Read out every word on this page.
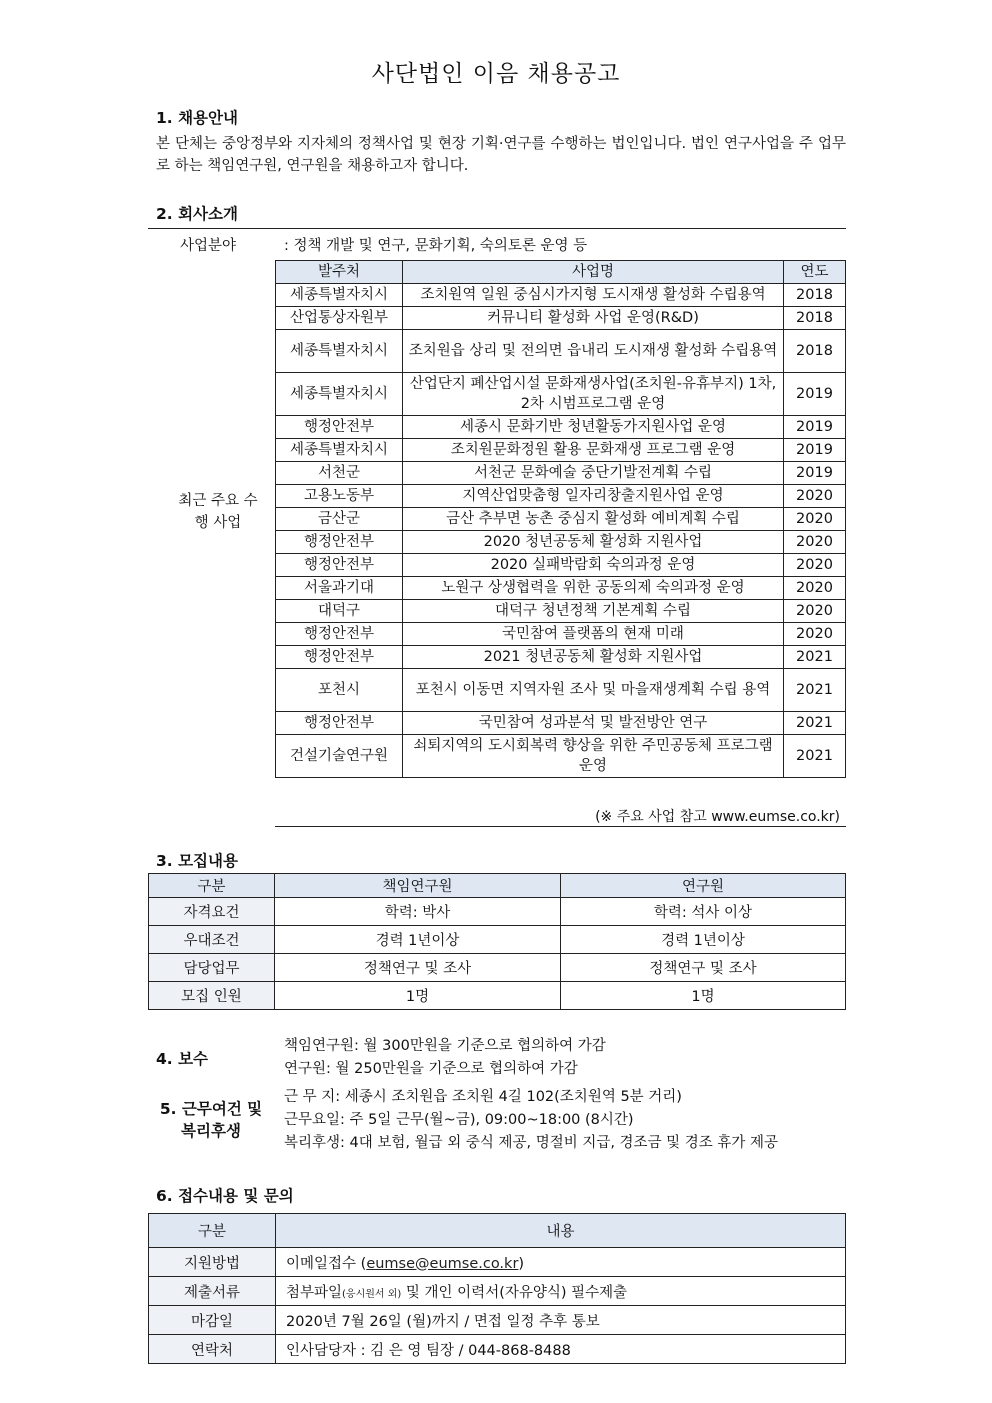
사단법인 이음 채용공고
1. 채용안내
본 단체는 중앙정부와 지자체의 정책사업 및 현장 기획·연구를 수행하는 법인입니다. 법인 연구사업을 주 업무로 하는 책임연구원, 연구원을 채용하고자 합니다.
2. 회사소개
사업분야	: 정책 개발 및 연구, 문화기획, 숙의토론 운영 등
최근 주요 수행 사업
발주처	사업명	연도
세종특별자치시	조치원역 일원 중심시가지형 도시재생 활성화 수립용역	2018
산업통상자원부	커뮤니티 활성화 사업 운영(R&D)	2018
세종특별자치시	조치원읍 상리 및 전의면 읍내리 도시재생 활성화 수립용역	2018
세종특별자치시	산업단지 폐산업시설 문화재생사업(조치원-유휴부지) 1차, 2차 시범프로그램 운영	2019
행정안전부	세종시 문화기반 청년활동가지원사업 운영	2019
세종특별자치시	조치원문화정원 활용 문화재생 프로그램 운영	2019
서천군	서천군 문화예술 중단기발전계획 수립	2019
고용노동부	지역산업맞춤형 일자리창출지원사업 운영	2020
금산군	금산 추부면 농촌 중심지 활성화 예비계획 수립	2020
행정안전부	2020 청년공동체 활성화 지원사업	2020
행정안전부	2020 실패박람회 숙의과정 운영	2020
서울과기대	노원구 상생협력을 위한 공동의제 숙의과정 운영	2020
대덕구	대덕구 청년정책 기본계획 수립	2020
행정안전부	국민참여 플랫폼의 현재 미래	2020
행정안전부	2021 청년공동체 활성화 지원사업	2021
포천시	포천시 이동면 지역자원 조사 및 마을재생계획 수립 용역	2021
행정안전부	국민참여 성과분석 및 발전방안 연구	2021
건설기술연구원	쇠퇴지역의 도시회복력 향상을 위한 주민공동체 프로그램 운영	2021
(※ 주요 사업 참고 www.eumse.co.kr)
3. 모집내용
구분	책임연구원	연구원
자격요건	학력: 박사	학력: 석사 이상
우대조건	경력 1년이상	경력 1년이상
담당업무	정책연구 및 조사	정책연구 및 조사
모집 인원	1명	1명
4. 보수
책임연구원: 월 300만원을 기준으로 협의하여 가감
연구원: 월 250만원을 기준으로 협의하여 가감
5. 근무여건 및
복리후생
근 무 지: 세종시 조치원읍 조치원 4길 102(조치원역 5분 거리)
근무요일: 주 5일 근무(월~금), 09:00~18:00 (8시간)
복리후생: 4대 보험, 월급 외 중식 제공, 명절비 지급, 경조금 및 경조 휴가 제공
6. 접수내용 및 문의
구분	내용
지원방법	이메일접수 (eumse@eumse.co.kr)
제출서류	첨부파일(응시원서 외) 및 개인 이력서(자유양식) 필수제출
마감일	2020년 7월 26일 (월)까지 / 면접 일정 추후 통보
연락처	인사담당자 : 김 은 영 팀장 / 044-868-8488
